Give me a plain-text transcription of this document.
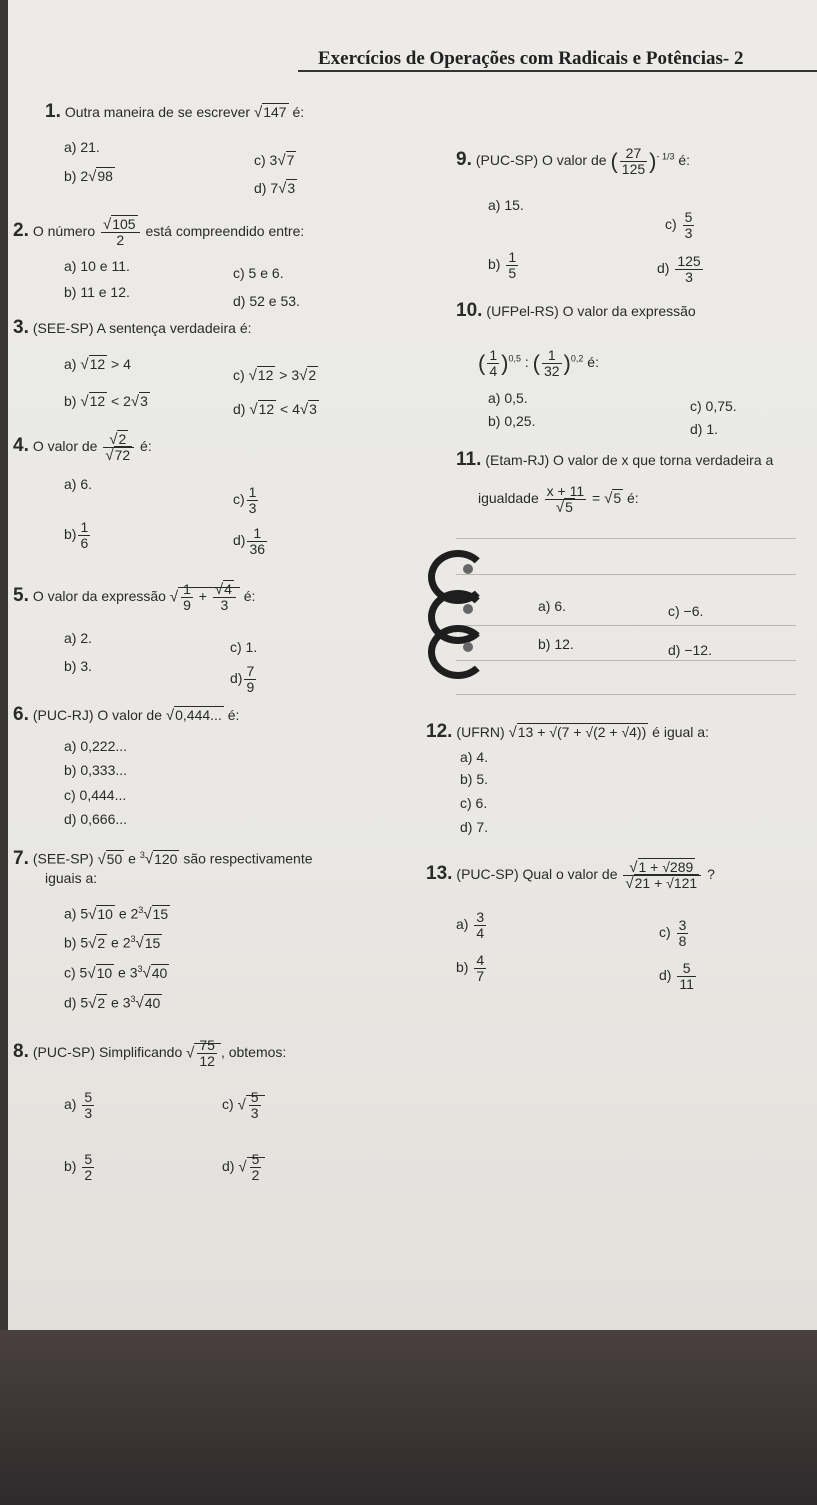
Exercícios de Operações com Radicais e Potências- 2
1. Outra maneira de se escrever √147 é:
a) 21.
b) 2√98
c) 3√7
d) 7√3
2. O número $\frac{√105}{2}$ está compreendido entre:
a) 10 e 11.
b) 11 e 12.
c) 5 e 6.
d) 52 e 53.
3. (SEE-SP) A sentença verdadeira é:
a) √12 > 4
b) √12 < 2√3
c) √12 > 3√2
d) √12 < 4√3
4. O valor de $\frac{√2}{√72}$ é:
a) 6.
$b) \frac{1}{6}$
$c) \frac{1}{3}$
$d) \frac{1}{36}$
5. O valor da expressão √ $\frac{1}{9} + \frac{√4}{3}$ é:
a) 2.
b) 3.
c) 1.
$d) \frac{7}{9}$
6. (PUC-RJ) O valor de √0,444... é:
a) 0,222...
b) 0,333...
c) 0,444...
d) 0,666...
7. (SEE-SP) √50 e $^3$√120 são respectivamente
iguais a:
a) 5√10 e $2^3√15$
b) 5√2 e $2^3√15$
c) 5√10 e $3^3√40$
d) 5√2 e $3^3√40$
8. (PUC-SP) Simplificando √ $\frac{75}{12}$ , obtemos:
$a) \frac{5}{3}$
$b) \frac{5}{2}$
c) √ $\frac{5}{3}$
d) √ $\frac{5}{2}$
9. (PUC-SP) O valor de ( $\frac{27}{125} )^{- 1/3}$ é:
a) 15.
$b) \frac{1}{5}$
$c) \frac{5}{3}$
$d) \frac{125}{3}$
10. (UFPel-RS) O valor da expressão
( $\frac{1}{4} )^{0,5}$ : ( $\frac{1}{32} )^{0,2}$ é:
a) 0,5.
b) 0,25.
c) 0,75.
d) 1.
11. (Etam-RJ) O valor de x que torna verdadeira a
igualdade $\frac{x + 11}{√5} = √5$ é:
a) 6.
b) 12.
c) −6.
d) −12.
12. (UFRN) √13 + √(7 + √(2 + √4)) é igual a:
a) 4.
b) 5.
c) 6.
d) 7.
13. (PUC-SP) Qual o valor de $\frac{√1 + √289}{√21 + √121}$ ?
$a) \frac{3}{4}$
$b) \frac{4}{7}$
$c) \frac{3}{8}$
$d) \frac{5}{11}$
